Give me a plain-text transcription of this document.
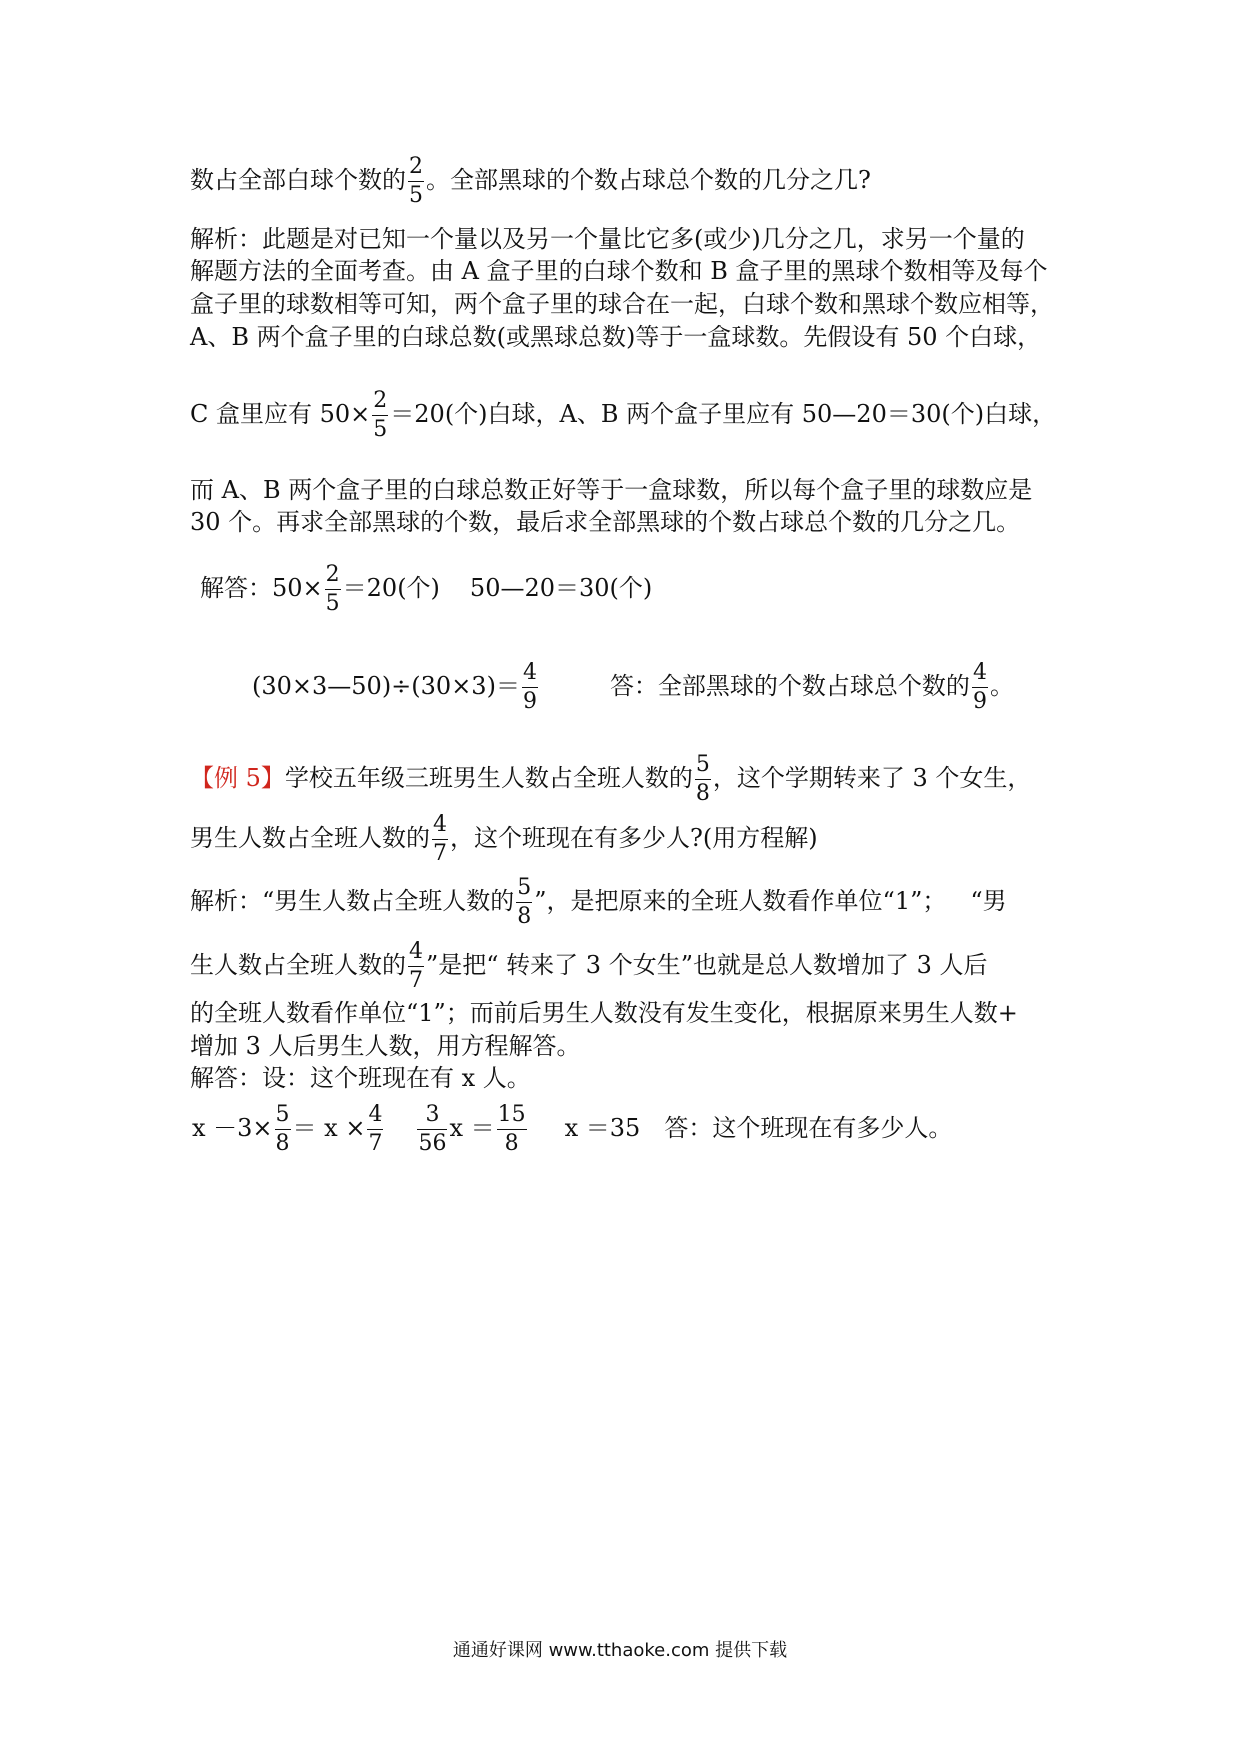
数占全部白球个数的 $\frac{2}{5}$ 。全部黑球的个数占球总个数的几分之几?
解析：此题是对已知一个量以及另一个量比它多(或少)几分之几，求另一个量的
解题方法的全面考查。由 A 盒子里的白球个数和 B 盒子里的黑球个数相等及每个
盒子里的球数相等可知，两个盒子里的球合在一起，白球个数和黑球个数应相等，
A、B 两个盒子里的白球总数(或黑球总数)等于一盒球数。先假设有 50 个白球，
C 盒里应有 $50\times \frac{2}{5} =20$(个)白球，A、B 两个盒子里应有 50—20＝30(个)白球，
而 A、B 两个盒子里的白球总数正好等于一盒球数，所以每个盒子里的球数应是
30 个。再求全部黑球的个数，最后求全部黑球的个数占球总个数的几分之几。
解答：$50\times \frac{2}{5} =20$(个) 50—20＝30(个)
(30×3—50)÷(30×3)＝ $\frac{4}{9}$	答：全部黑球的个数占球总个数的 $\frac{4}{9}$ 。
【例 5】学校五年级三班男生人数占全班人数的 $\frac{5}{8}$ ，这个学期转来了 3 个女生，
男生人数占全班人数的 $\frac{4}{7}$ ，这个班现在有多少人?(用方程解)
解析：“男生人数占全班人数的 $\frac{5}{8}$ ”，是把原来的全班人数看作单位“1”； “男
生人数占全班人数的 $\frac{4}{7}$ ”是把“ 转来了 3 个女生”也就是总人数增加了 3 人后
的全班人数看作单位“1”；而前后男生人数没有发生变化，根据原来男生人数+
增加 3 人后男生人数，用方程解答。
解答：设：这个班现在有 x 人。
$x -3\times \frac{5}{8} = x \times \frac{4}{7} \frac{3}{56}$ $x = \frac{15}{8}$ x ＝35 答：这个班现在有多少人。
通通好课网 www.tthaoke.com 提供下载
